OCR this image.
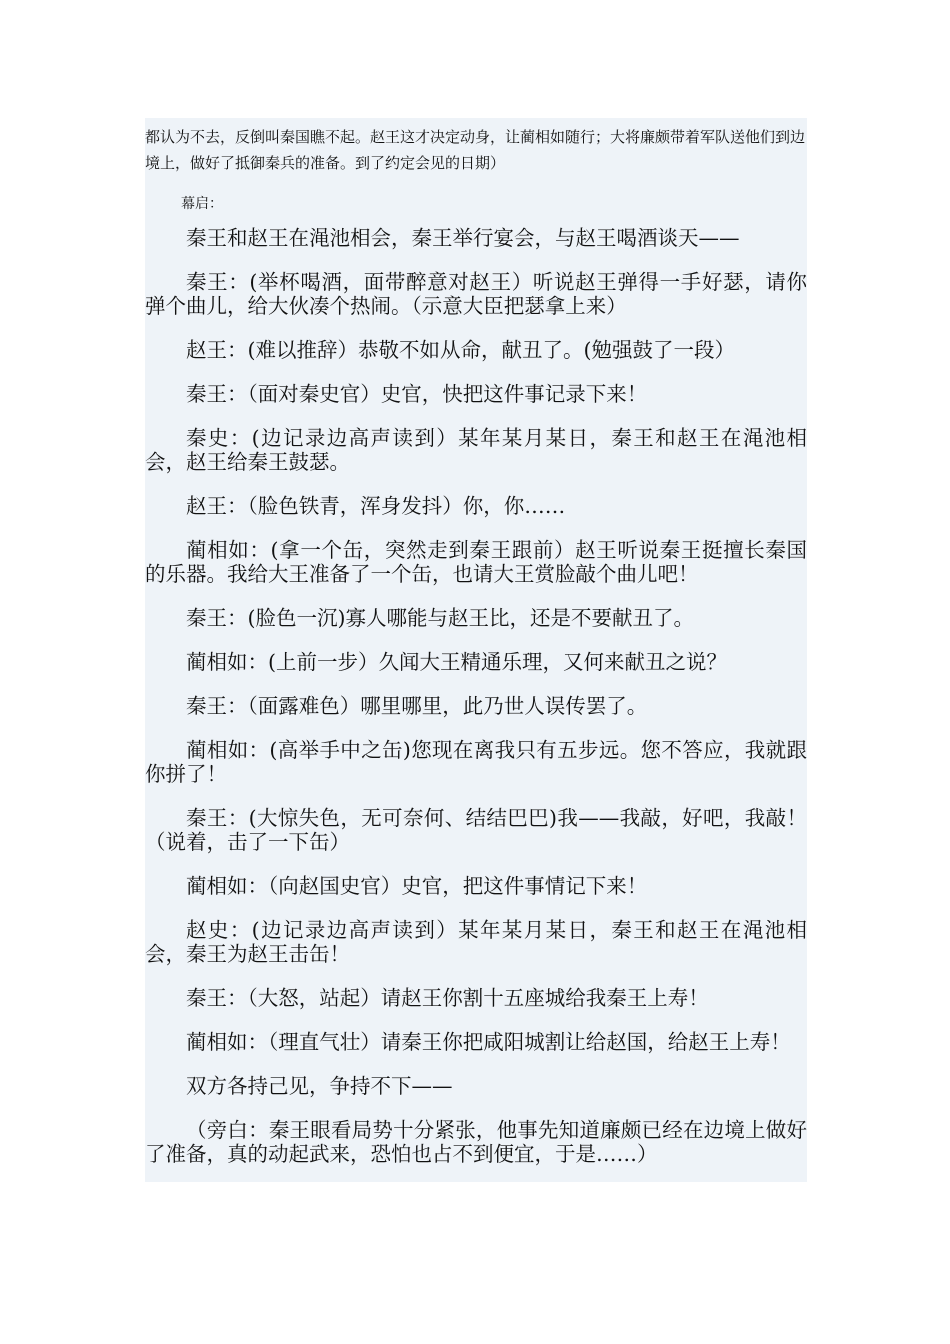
都认为不去，反倒叫秦国瞧不起。赵王这才决定动身，让蔺相如随行；大将廉颇带着军队送他们到边境上，做好了抵御秦兵的准备。到了约定会见的日期）

幕启：

秦王和赵王在渑池相会，秦王举行宴会，与赵王喝酒谈天——

秦王：(举杯喝酒，面带醉意对赵王）听说赵王弹得一手好瑟，请你弹个曲儿，给大伙凑个热闹。（示意大臣把瑟拿上来）

赵王：(难以推辞）恭敬不如从命，献丑了。(勉强鼓了一段）

秦王：（面对秦史官）史官，快把这件事记录下来！

秦史：(边记录边高声读到）某年某月某日，秦王和赵王在渑池相会，赵王给秦王鼓瑟。

赵王：（脸色铁青，浑身发抖）你，你……

蔺相如：(拿一个缶，突然走到秦王跟前）赵王听说秦王挺擅长秦国的乐器。我给大王准备了一个缶，也请大王赏脸敲个曲儿吧！

秦王：(脸色一沉)寡人哪能与赵王比，还是不要献丑了。

蔺相如：(上前一步）久闻大王精通乐理，又何来献丑之说？

秦王：（面露难色）哪里哪里，此乃世人误传罢了。

蔺相如：(高举手中之缶)您现在离我只有五步远。您不答应，我就跟你拼了！

秦王：(大惊失色，无可奈何、结结巴巴)我——我敲，好吧，我敲！（说着，击了一下缶）

蔺相如：（向赵国史官）史官，把这件事情记下来！

赵史：(边记录边高声读到）某年某月某日，秦王和赵王在渑池相会，秦王为赵王击缶！

秦王：（大怒，站起）请赵王你割十五座城给我秦王上寿！

蔺相如：（理直气壮）请秦王你把咸阳城割让给赵国，给赵王上寿！

双方各持己见，争持不下——

（旁白：秦王眼看局势十分紧张，他事先知道廉颇已经在边境上做好了准备，真的动起武来，恐怕也占不到便宜，于是……）
